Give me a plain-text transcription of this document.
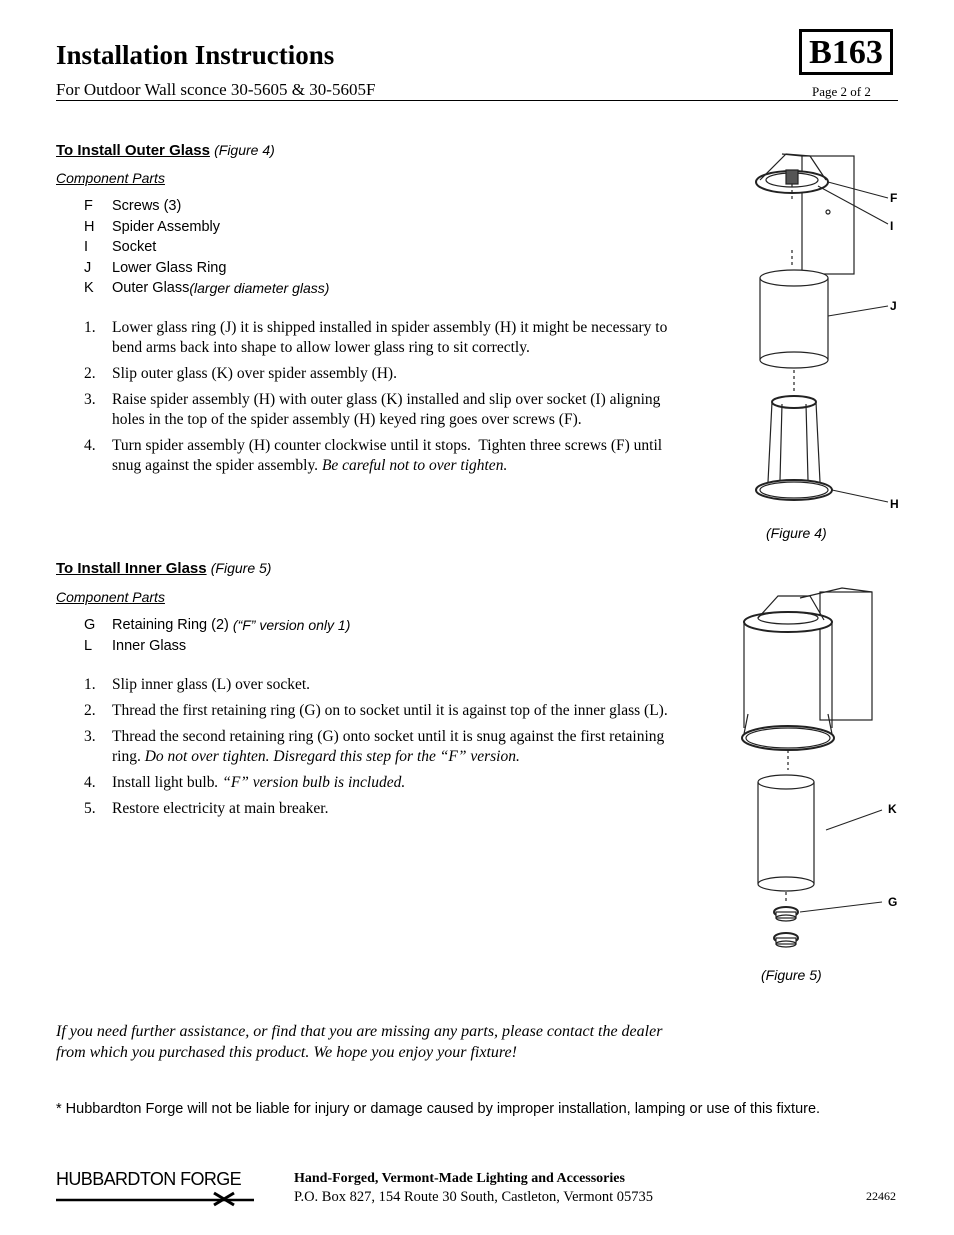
Installation Instructions	B163
For Outdoor Wall sconce 30-5605 & 30-5605F	Page 2 of 2
To Install Outer Glass (Figure 4)
Component Parts
F	Screws (3)
H	Spider Assembly
I	Socket
J	Lower Glass Ring
K	Outer Glass (larger diameter glass)
1.	Lower glass ring (J) it is shipped installed in spider assembly (H) it might be necessary to bend arms back into shape to allow lower glass ring to sit correctly.
2.	Slip outer glass (K) over spider assembly (H).
3.	Raise spider assembly (H) with outer glass (K) installed and slip over socket (I) aligning holes in the top of the spider assembly (H) keyed ring goes over screws (F).
4.	Turn spider assembly (H) counter clockwise until it stops.  Tighten three screws (F) until snug against the spider assembly. Be careful not to over tighten.
To Install Inner Glass (Figure 5)
Component Parts
G	Retaining Ring (2) (“F” version only 1)
L	Inner Glass
1.	Slip inner glass (L) over socket.
2.	Thread the first retaining ring (G) on to socket until it is against top of the inner glass (L).
3.	Thread the second retaining ring (G) onto socket until it is snug against the first retaining ring. Do not over tighten. Disregard this step for the “F” version.
4.	Install light bulb. “F” version bulb is included.
5.	Restore electricity at main breaker.
F
I
J
H
(Figure 4)
K
G
(Figure 5)
If you need further assistance, or find that you are missing any parts, please contact the dealer from which you purchased this product. We hope you enjoy your fixture!
* Hubbardton Forge will not be liable for injury or damage caused by improper installation, lamping or use of this fixture.
HUBBARDTON FORGE	Hand-Forged, Vermont-Made Lighting and Accessories
P.O. Box 827, 154 Route 30 South, Castleton, Vermont 05735	22462
